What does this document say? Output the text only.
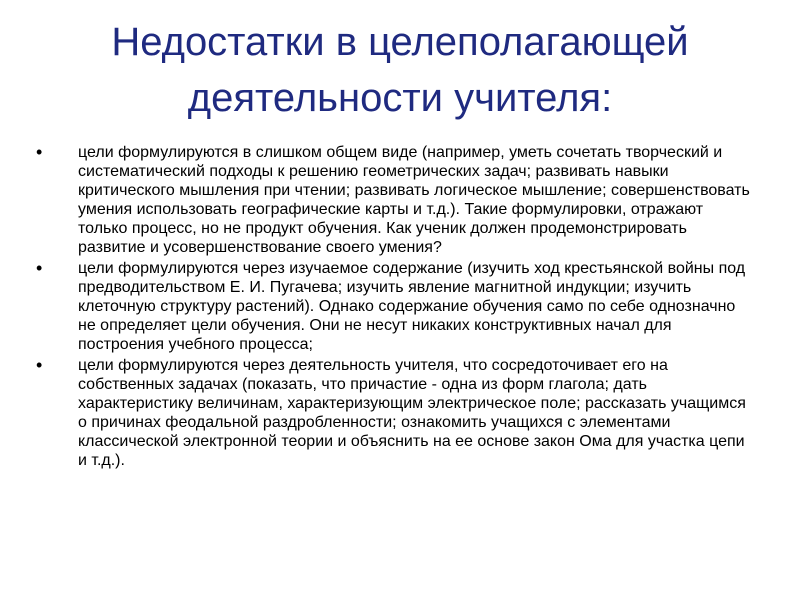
Недостатки в целеполагающей деятельности учителя:
•	цели формулируются в слишком общем виде (например, уметь сочетать творческий и систематический подходы к решению геометрических задач; развивать навыки критического мышления при чтении; развивать логическое мышление; совершенствовать умения использовать географические карты и т.д.). Такие формулировки, отражают только процесс, но не продукт обучения. Как ученик должен продемонстрировать развитие и усовершенствование своего умения?
•	цели формулируются через изучаемое содержание (изучить ход крестьянской войны под предводительством Е. И. Пугачева; изучить явление магнитной индукции; изучить клеточную структуру растений). Однако содержание обучения само по себе однозначно не определяет цели обучения. Они не несут никаких конструктивных начал для построения учебного процесса;
•	цели формулируются через деятельность учителя, что сосредоточивает его на собственных задачах (показать, что причастие - одна из форм глагола; дать характеристику величинам, характеризующим электрическое поле; рассказать учащимся о причинах феодальной раздробленности; ознакомить учащихся с элементами классической электронной теории и объяснить на ее основе закон Ома для участка цепи и т.д.).
